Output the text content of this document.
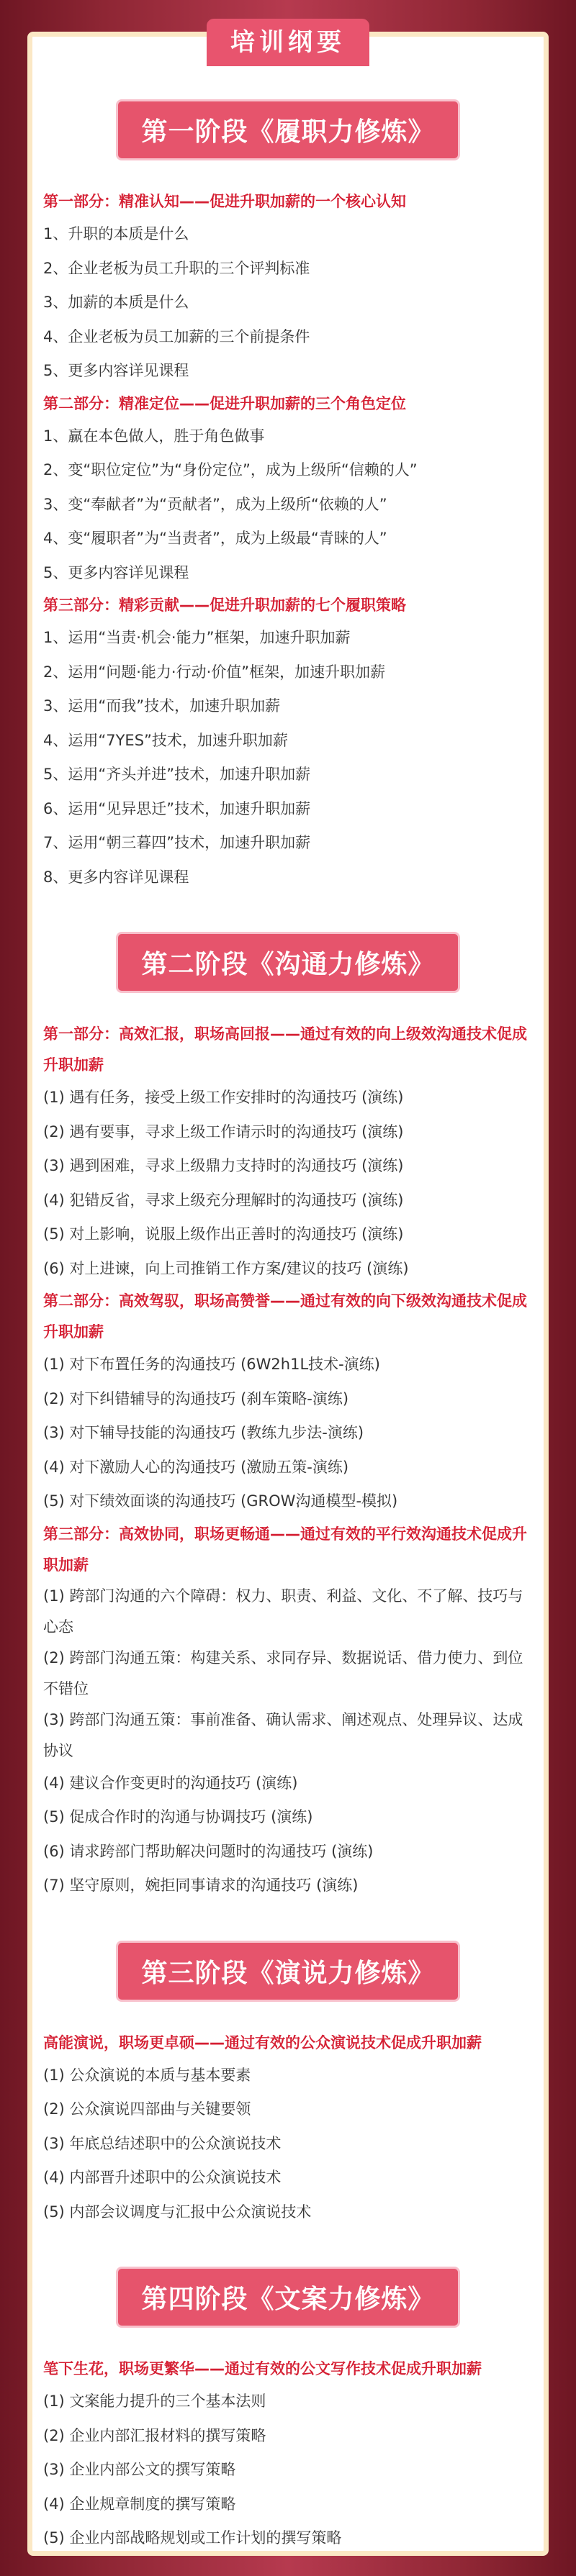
培训纲要
第一阶段《履职力修炼》

第一部分：精准认知——促进升职加薪的一个核心认知

1、升职的本质是什么

2、企业老板为员工升职的三个评判标准

3、加薪的本质是什么

4、企业老板为员工加薪的三个前提条件

5、更多内容详见课程

第二部分：精准定位——促进升职加薪的三个角色定位

1、赢在本色做人，胜于角色做事

2、变“职位定位”为“身份定位”，成为上级所“信赖的人”

3、变“奉献者”为“贡献者”，成为上级所“依赖的人”

4、变“履职者”为“当责者”，成为上级最“青睐的人”

5、更多内容详见课程

第三部分：精彩贡献——促进升职加薪的七个履职策略

1、运用“当责·机会·能力”框架，加速升职加薪

2、运用“问题·能力·行动·价值”框架，加速升职加薪

3、运用“而我”技术，加速升职加薪

4、运用“7YES”技术，加速升职加薪

5、运用“齐头并进”技术，加速升职加薪

6、运用“见异思迁”技术，加速升职加薪

7、运用“朝三暮四”技术，加速升职加薪

8、更多内容详见课程

第二阶段《沟通力修炼》

第一部分：高效汇报，职场高回报——通过有效的向上级效沟通技术促成升职加薪

(1) 遇有任务，接受上级工作安排时的沟通技巧 (演练)

(2) 遇有要事，寻求上级工作请示时的沟通技巧 (演练)

(3) 遇到困难，寻求上级鼎力支持时的沟通技巧 (演练)

(4) 犯错反省，寻求上级充分理解时的沟通技巧 (演练)

(5) 对上影响，说服上级作出正善时的沟通技巧 (演练)

(6) 对上进谏，向上司推销工作方案/建议的技巧 (演练)

第二部分：高效驾驭，职场高赞誉——通过有效的向下级效沟通技术促成升职加薪

(1) 对下布置任务的沟通技巧 (6W2h1L技术-演练)

(2) 对下纠错辅导的沟通技巧 (刹车策略-演练)

(3) 对下辅导技能的沟通技巧 (教练九步法-演练)

(4) 对下激励人心的沟通技巧 (激励五策-演练)

(5) 对下绩效面谈的沟通技巧 (GROW沟通模型-模拟)

第三部分：高效协同，职场更畅通——通过有效的平行效沟通技术促成升职加薪

(1) 跨部门沟通的六个障碍：权力、职责、利益、文化、不了解、技巧与心态

(2) 跨部门沟通五策：构建关系、求同存异、数据说话、借力使力、到位不错位

(3) 跨部门沟通五策：事前准备、确认需求、阐述观点、处理异议、达成协议

(4) 建议合作变更时的沟通技巧 (演练)

(5) 促成合作时的沟通与协调技巧 (演练)

(6) 请求跨部门帮助解决问题时的沟通技巧 (演练)

(7) 坚守原则，婉拒同事请求的沟通技巧 (演练)

第三阶段《演说力修炼》

高能演说，职场更卓硕——通过有效的公众演说技术促成升职加薪

(1) 公众演说的本质与基本要素

(2) 公众演说四部曲与关键要领

(3) 年底总结述职中的公众演说技术

(4) 内部晋升述职中的公众演说技术

(5) 内部会议调度与汇报中公众演说技术

第四阶段《文案力修炼》

笔下生花，职场更繁华——通过有效的公文写作技术促成升职加薪

(1) 文案能力提升的三个基本法则

(2) 企业内部汇报材料的撰写策略

(3) 企业内部公文的撰写策略

(4) 企业规章制度的撰写策略

(5) 企业内部战略规划或工作计划的撰写策略
